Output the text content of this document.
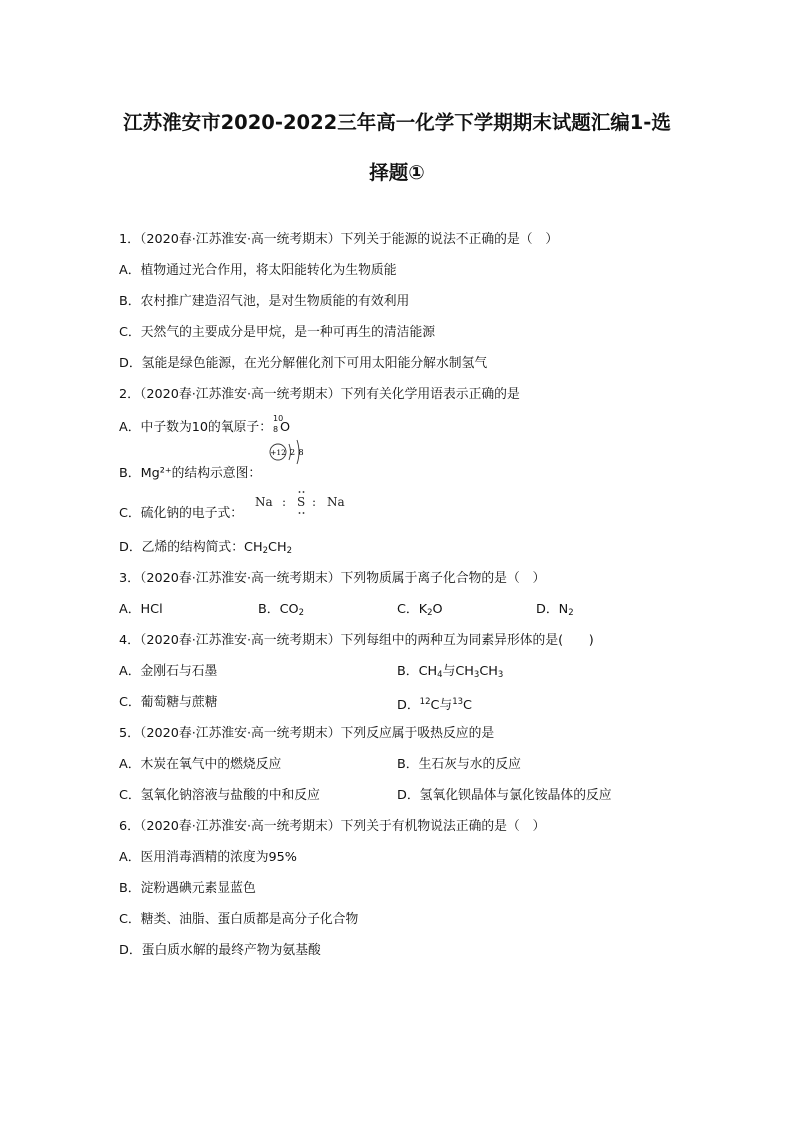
江苏淮安市2020-2022三年高一化学下学期期末试题汇编1-选
择题①
1．（2020春·江苏淮安·高一统考期末）下列关于能源的说法不正确的是（　）
A．植物通过光合作用，将太阳能转化为生物质能
B．农村推广建造沼气池，是对生物质能的有效利用
C．天然气的主要成分是甲烷，是一种可再生的清洁能源
D．氢能是绿色能源，在光分解催化剂下可用太阳能分解水制氢气
2．（2020春·江苏淮安·高一统考期末）下列有关化学用语表示正确的是
A．中子数为10的氧原子：
10
8 O
B．Mg²⁺的结构示意图：
+12 2 8
C．硫化钠的电子式：
Na : S : Na
D．乙烯的结构简式：$CH_2CH_2$
3．（2020春·江苏淮安·高一统考期末）下列物质属于离子化合物的是（　）
A．HCl	B．$CO_2$	C．$K_2O$	D．$N_2$
4．（2020春·江苏淮安·高一统考期末）下列每组中的两种互为同素异形体的是(　　)
A．金刚石与石墨	B．$CH_4$与$CH_3CH_3$
C．葡萄糖与蔗糖	D．$^{12}$C与$^{13}$C
5．（2020春·江苏淮安·高一统考期末）下列反应属于吸热反应的是
A．木炭在氧气中的燃烧反应	B．生石灰与水的反应
C．氢氧化钠溶液与盐酸的中和反应	D．氢氧化钡晶体与氯化铵晶体的反应
6．（2020春·江苏淮安·高一统考期末）下列关于有机物说法正确的是（　）
A．医用消毒酒精的浓度为95%
B．淀粉遇碘元素显蓝色
C．糖类、油脂、蛋白质都是高分子化合物
D．蛋白质水解的最终产物为氨基酸
